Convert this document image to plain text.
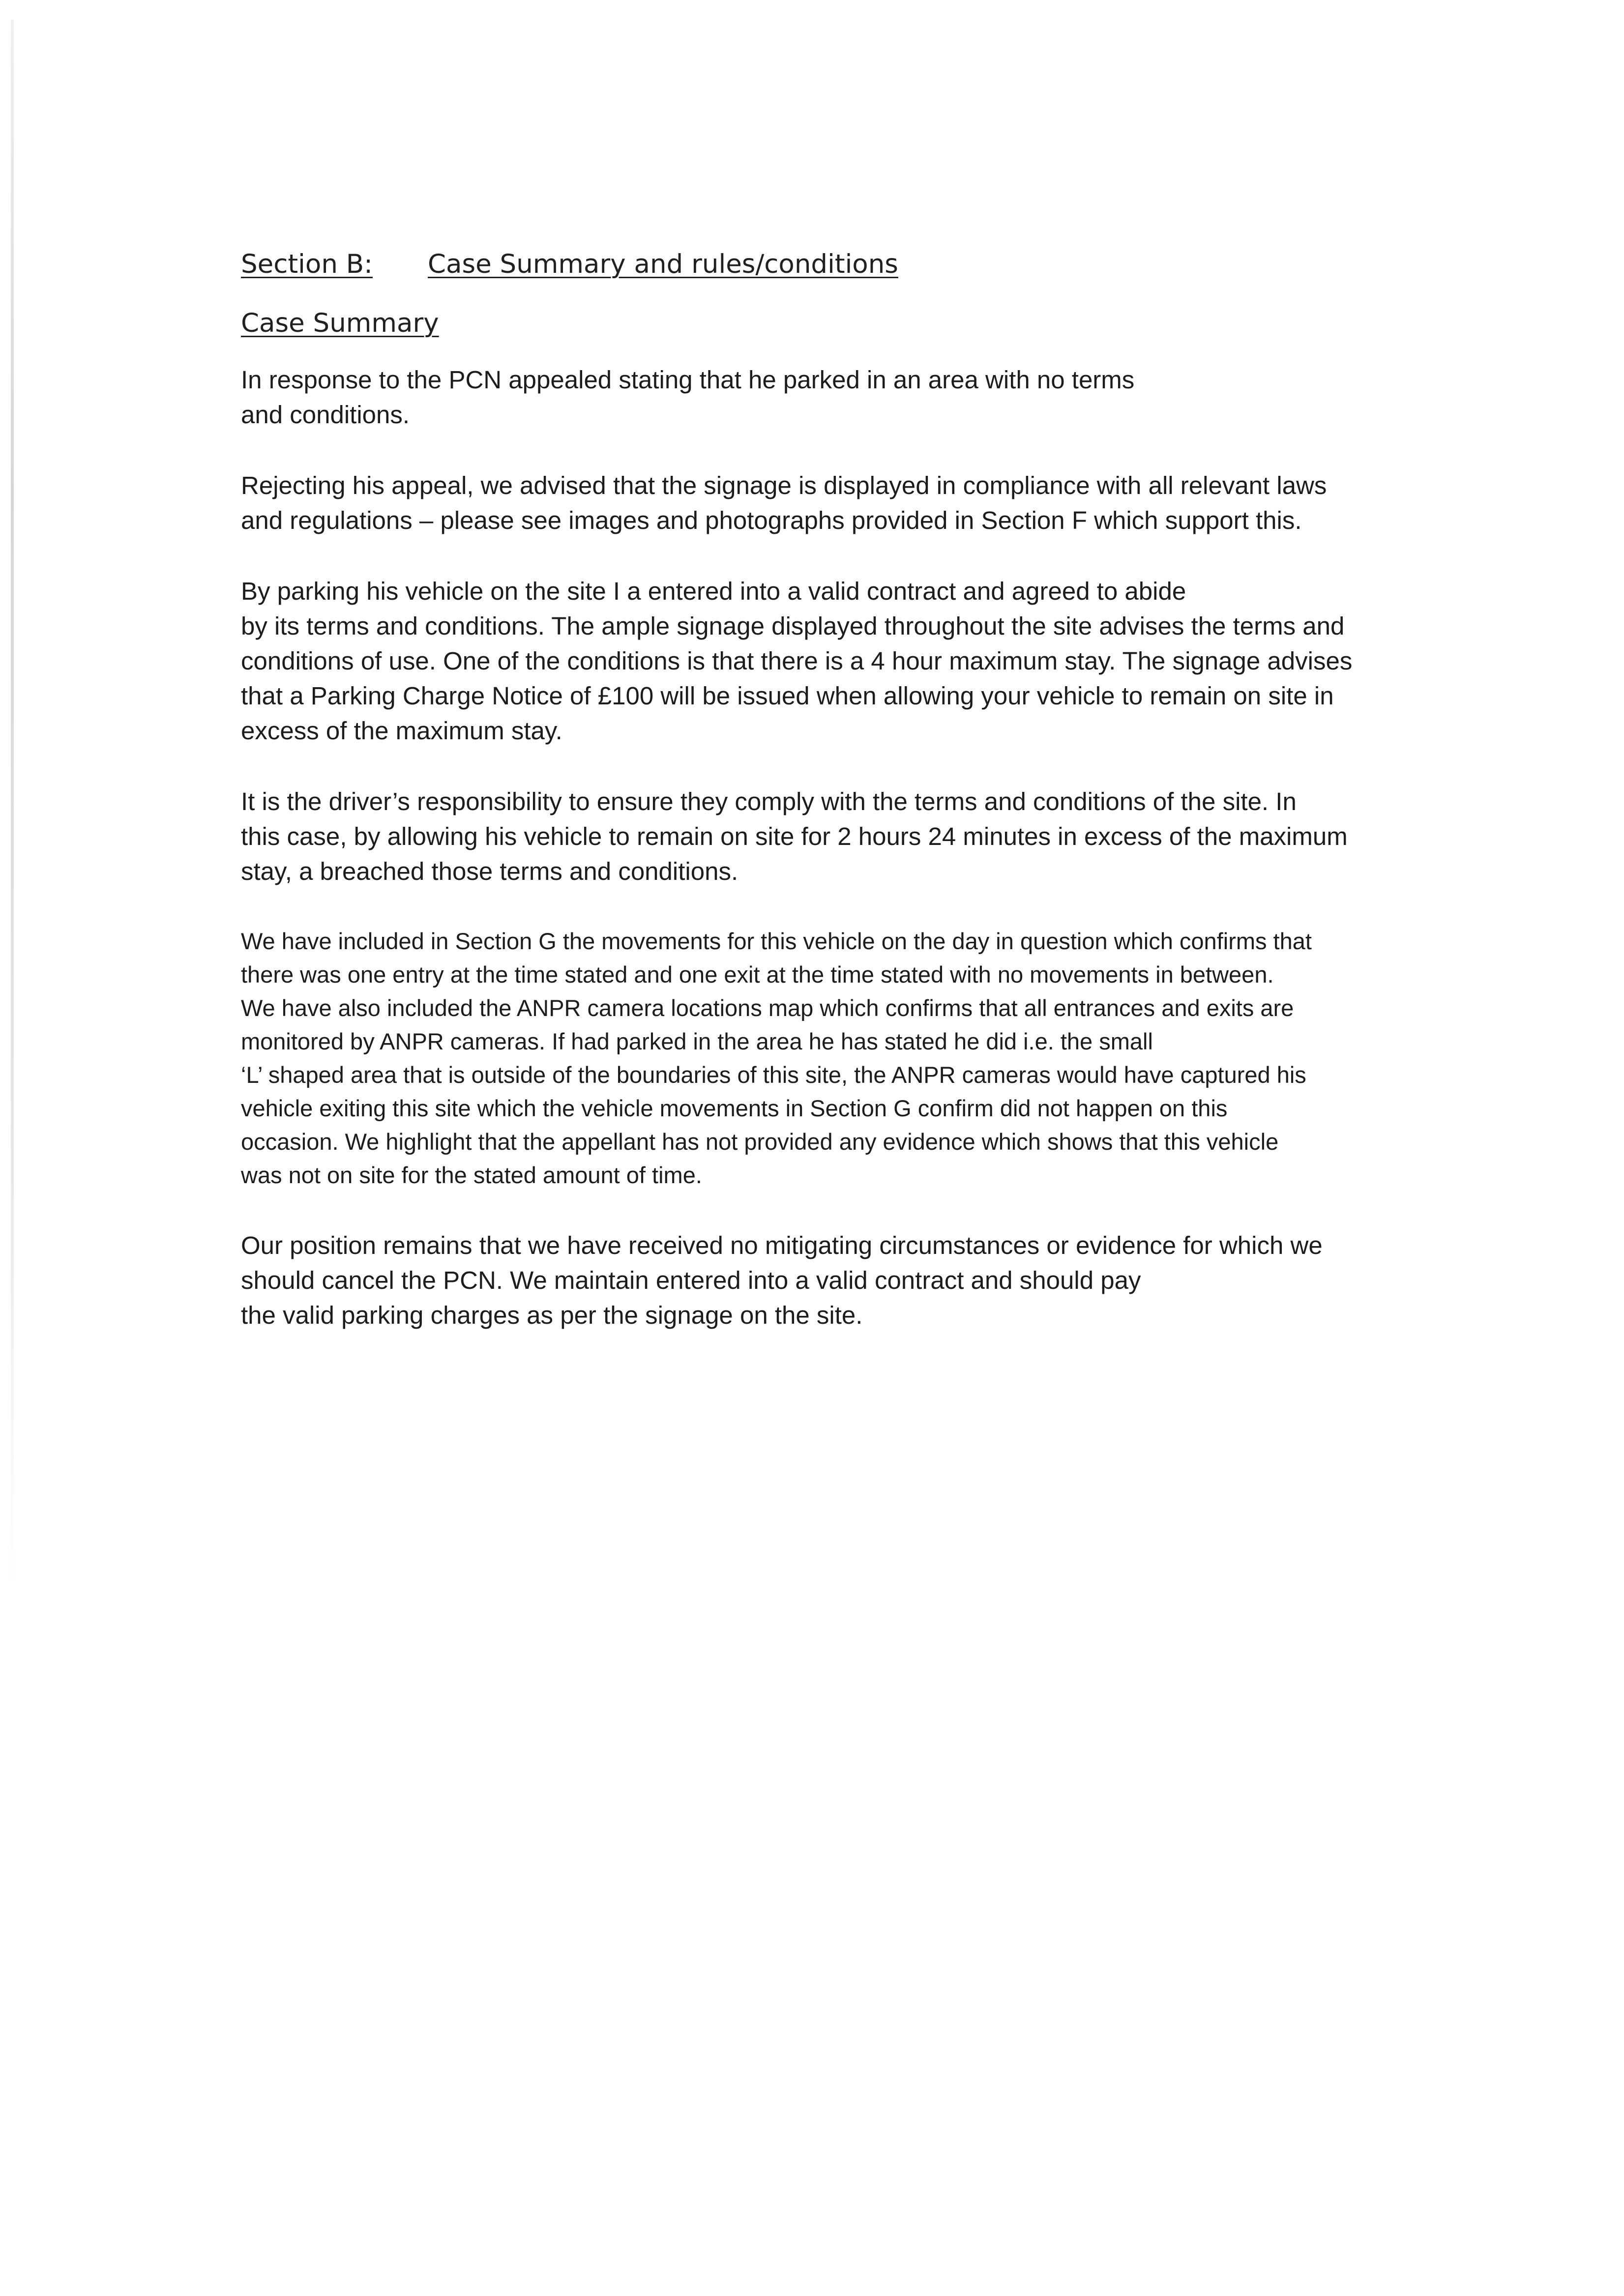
Section B:	Case Summary and rules/conditions
Case Summary

In response to the PCN appealed stating that he parked in an area with no terms
and conditions.

Rejecting his appeal, we advised that the signage is displayed in compliance with all relevant laws
and regulations – please see images and photographs provided in Section F which support this.

By parking his vehicle on the site I a entered into a valid contract and agreed to abide
by its terms and conditions. The ample signage displayed throughout the site advises the terms and
conditions of use. One of the conditions is that there is a 4 hour maximum stay. The signage advises
that a Parking Charge Notice of £100 will be issued when allowing your vehicle to remain on site in
excess of the maximum stay.

It is the driver’s responsibility to ensure they comply with the terms and conditions of the site. In
this case, by allowing his vehicle to remain on site for 2 hours 24 minutes in excess of the maximum
stay, a breached those terms and conditions.

We have included in Section G the movements for this vehicle on the day in question which confirms that
there was one entry at the time stated and one exit at the time stated with no movements in between.
We have also included the ANPR camera locations map which confirms that all entrances and exits are
monitored by ANPR cameras. If had parked in the area he has stated he did i.e. the small
‘L’ shaped area that is outside of the boundaries of this site, the ANPR cameras would have captured his
vehicle exiting this site which the vehicle movements in Section G confirm did not happen on this
occasion. We highlight that the appellant has not provided any evidence which shows that this vehicle
was not on site for the stated amount of time.

Our position remains that we have received no mitigating circumstances or evidence for which we
should cancel the PCN. We maintain entered into a valid contract and should pay
the valid parking charges as per the signage on the site.
